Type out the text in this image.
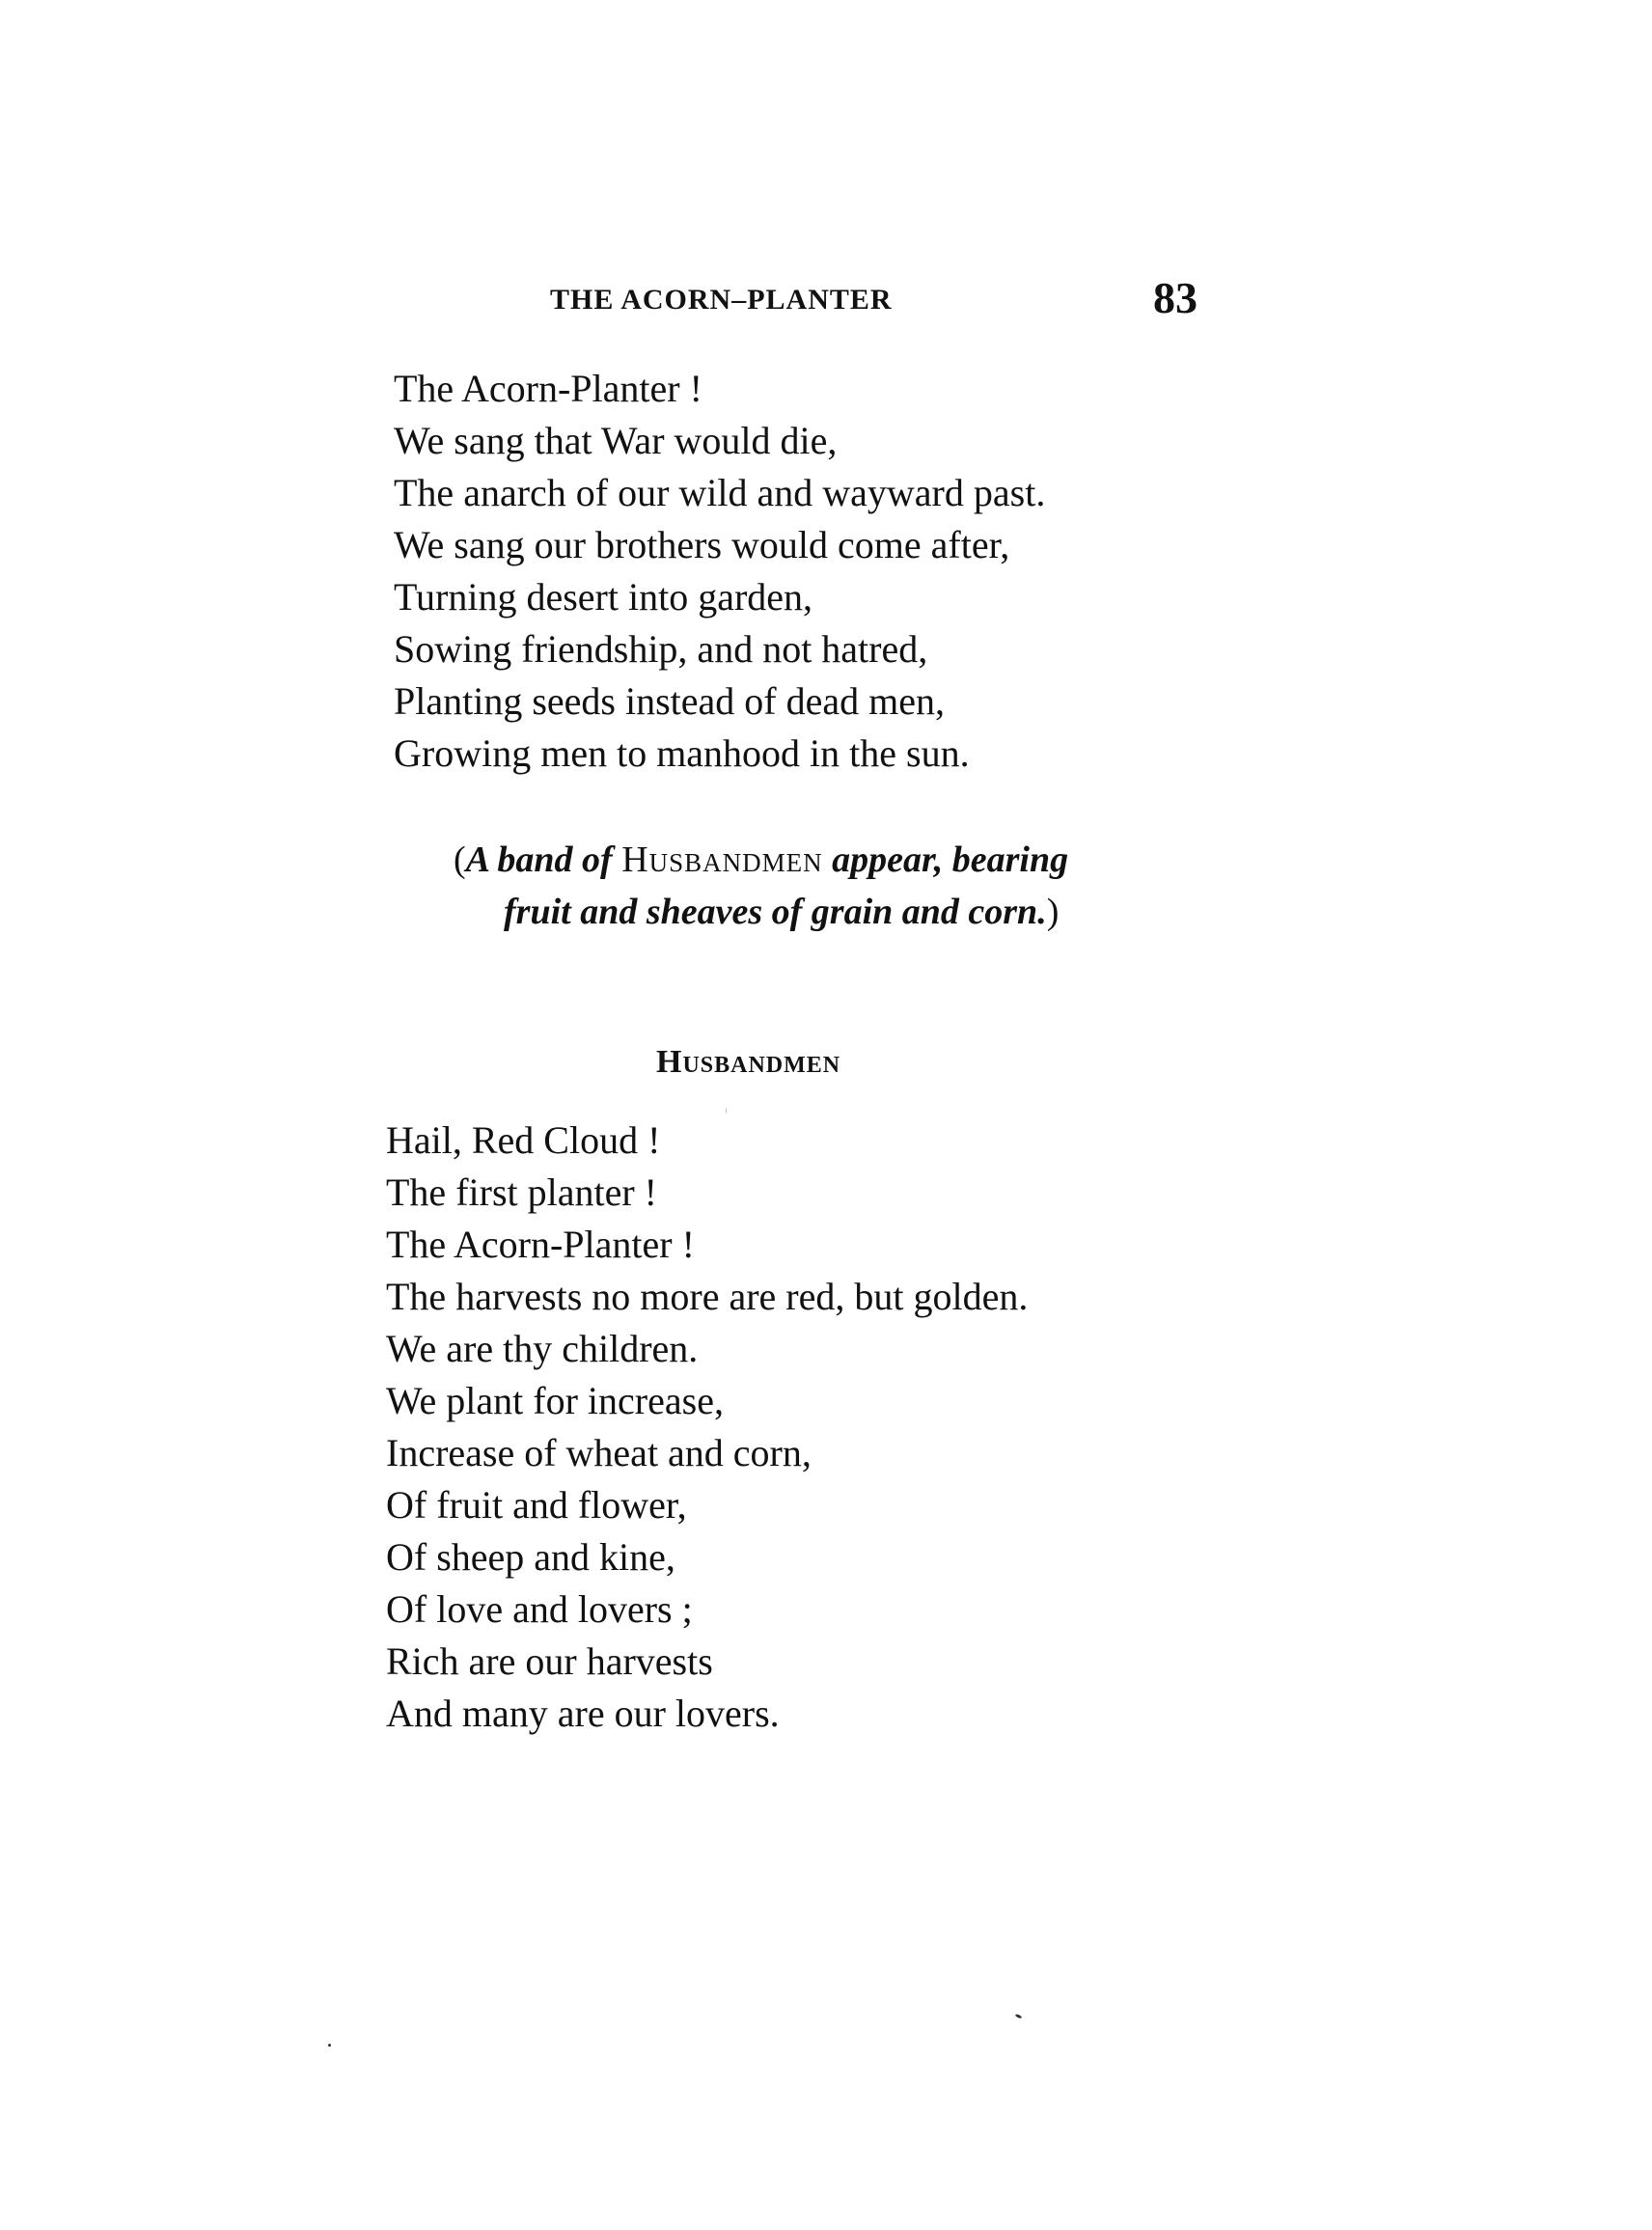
THE ACORN–PLANTER	83
The Acorn-Planter !
We sang that War would die,
The anarch of our wild and wayward past.
We sang our brothers would come after,
Turning desert into garden,
Sowing friendship, and not hatred,
Planting seeds instead of dead men,
Growing men to manhood in the sun.
(A band of Husbandmen appear, bearing
fruit and sheaves of grain and corn.)
Husbandmen
Hail, Red Cloud !
The first planter !
The Acorn-Planter !
The harvests no more are red, but golden.
We are thy children.
We plant for increase,
Increase of wheat and corn,
Of fruit and flower,
Of sheep and kine,
Of love and lovers ;
Rich are our harvests
And many are our lovers.
